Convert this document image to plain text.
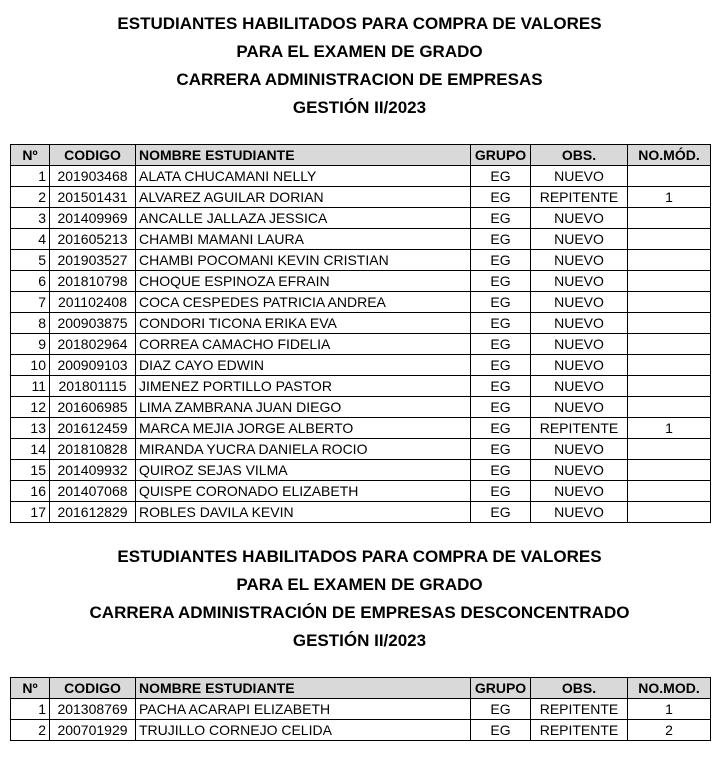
ESTUDIANTES HABILITADOS PARA COMPRA DE VALORES
PARA EL EXAMEN DE GRADO
CARRERA ADMINISTRACION DE EMPRESAS
GESTIÓN II/2023
Nº	CODIGO	NOMBRE ESTUDIANTE	GRUPO	OBS.	NO.MÓD.
1	201903468	ALATA CHUCAMANI NELLY	EG	NUEVO	
2	201501431	ALVAREZ AGUILAR DORIAN	EG	REPITENTE	1
3	201409969	ANCALLE JALLAZA JESSICA	EG	NUEVO	
4	201605213	CHAMBI MAMANI LAURA	EG	NUEVO	
5	201903527	CHAMBI POCOMANI KEVIN CRISTIAN	EG	NUEVO	
6	201810798	CHOQUE ESPINOZA EFRAIN	EG	NUEVO	
7	201102408	COCA CESPEDES PATRICIA ANDREA	EG	NUEVO	
8	200903875	CONDORI TICONA ERIKA EVA	EG	NUEVO	
9	201802964	CORREA CAMACHO FIDELIA	EG	NUEVO	
10	200909103	DIAZ CAYO EDWIN	EG	NUEVO	
11	201801115	JIMENEZ PORTILLO PASTOR	EG	NUEVO	
12	201606985	LIMA ZAMBRANA JUAN DIEGO	EG	NUEVO	
13	201612459	MARCA MEJIA JORGE ALBERTO	EG	REPITENTE	1
14	201810828	MIRANDA YUCRA DANIELA ROCIO	EG	NUEVO	
15	201409932	QUIROZ SEJAS VILMA	EG	NUEVO	
16	201407068	QUISPE CORONADO ELIZABETH	EG	NUEVO	
17	201612829	ROBLES DAVILA KEVIN	EG	NUEVO	
ESTUDIANTES HABILITADOS PARA COMPRA DE VALORES
PARA EL EXAMEN DE GRADO
CARRERA ADMINISTRACIÓN DE EMPRESAS DESCONCENTRADO
GESTIÓN II/2023
Nº	CODIGO	NOMBRE ESTUDIANTE	GRUPO	OBS.	NO.MOD.
1	201308769	PACHA ACARAPI ELIZABETH	EG	REPITENTE	1
2	200701929	TRUJILLO CORNEJO CELIDA	EG	REPITENTE	2
